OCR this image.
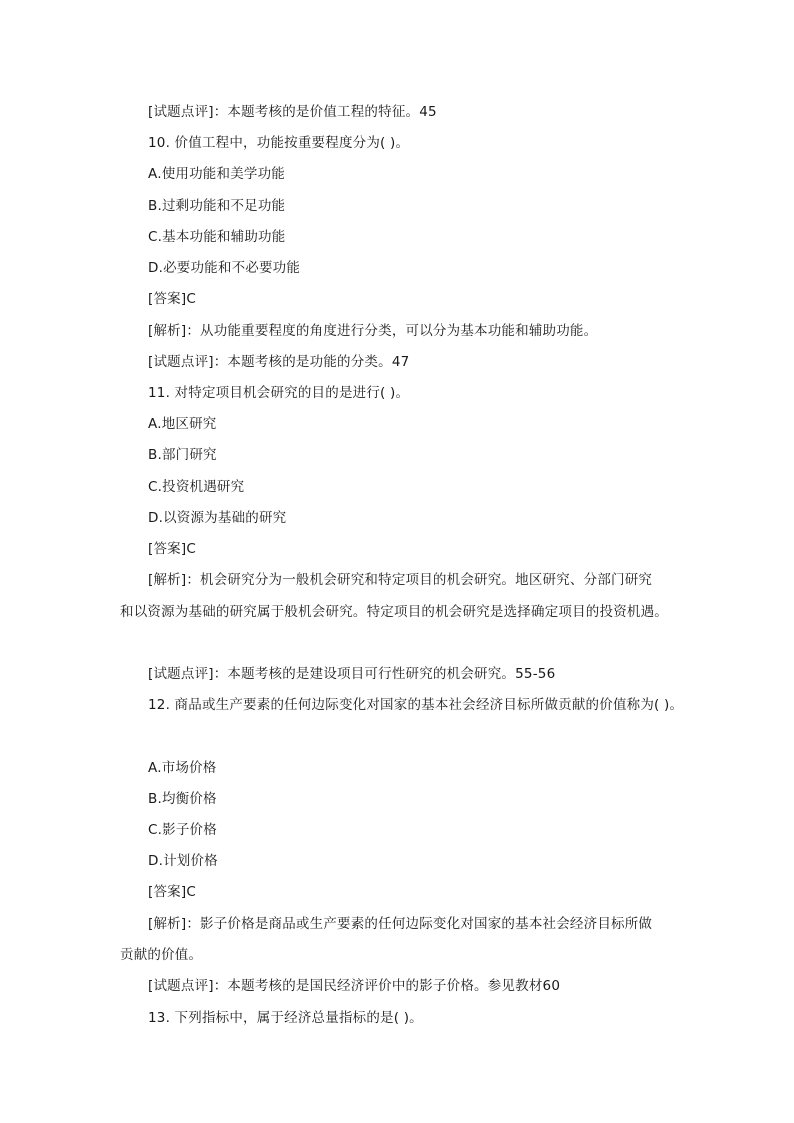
[试题点评]：本题考核的是价值工程的特征。45
10. 价值工程中，功能按重要程度分为( )。
A.使用功能和美学功能
B.过剩功能和不足功能
C.基本功能和辅助功能
D.必要功能和不必要功能
[答案]C
[解析]：从功能重要程度的角度进行分类，可以分为基本功能和辅助功能。
[试题点评]：本题考核的是功能的分类。47
11. 对特定项目机会研究的目的是进行( )。
A.地区研究
B.部门研究
C.投资机遇研究
D.以资源为基础的研究
[答案]C
[解析]：机会研究分为一般机会研究和特定项目的机会研究。地区研究、分部门研究
和以资源为基础的研究属于般机会研究。特定项目的机会研究是选择确定项目的投资机遇。
[试题点评]：本题考核的是建设项目可行性研究的机会研究。55-56
12. 商品或生产要素的任何边际变化对国家的基本社会经济目标所做贡献的价值称为( )。
A.市场价格
B.均衡价格
C.影子价格
D.计划价格
[答案]C
[解析]：影子价格是商品或生产要素的任何边际变化对国家的基本社会经济目标所做
贡献的价值。
[试题点评]：本题考核的是国民经济评价中的影子价格。参见教材60
13. 下列指标中，属于经济总量指标的是( )。
